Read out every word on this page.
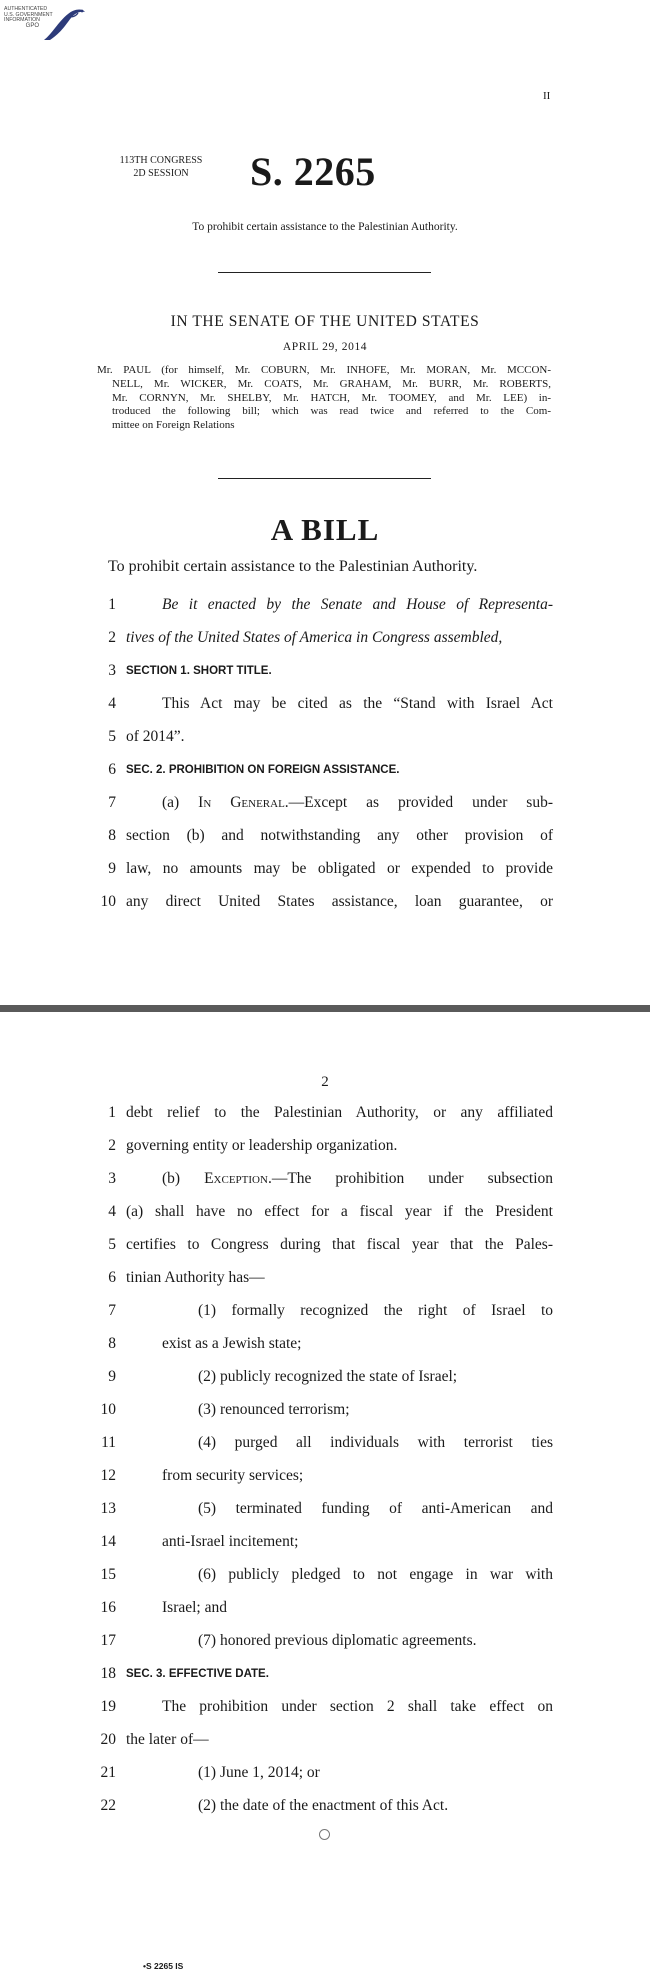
AUTHENTICATED
U.S. GOVERNMENT
INFORMATION
GPO
II
113TH CONGRESS
2D SESSION	S. 2265
To prohibit certain assistance to the Palestinian Authority.
IN THE SENATE OF THE UNITED STATES
APRIL 29, 2014
Mr. PAUL (for himself, Mr. COBURN, Mr. INHOFE, Mr. MORAN, Mr. MCCON-
NELL, Mr. WICKER, Mr. COATS, Mr. GRAHAM, Mr. BURR, Mr. ROBERTS,
Mr. CORNYN, Mr. SHELBY, Mr. HATCH, Mr. TOOMEY, and Mr. LEE) in-
troduced the following bill; which was read twice and referred to the Com-
mittee on Foreign Relations
A BILL
To prohibit certain assistance to the Palestinian Authority.
1	Be it enacted by the Senate and House of Representa-
2 tives of the United States of America in Congress assembled,
3 SECTION 1. SHORT TITLE.
4	This Act may be cited as the “Stand with Israel Act
5 of 2014”.
6 SEC. 2. PROHIBITION ON FOREIGN ASSISTANCE.
7	(a) In General.—Except as provided under sub-
8 section (b) and notwithstanding any other provision of
9 law, no amounts may be obligated or expended to provide
10 any direct United States assistance, loan guarantee, or
2
1 debt relief to the Palestinian Authority, or any affiliated
2 governing entity or leadership organization.
3	(b) Exception.—The prohibition under subsection
4 (a) shall have no effect for a fiscal year if the President
5 certifies to Congress during that fiscal year that the Pales-
6 tinian Authority has—
7	(1) formally recognized the right of Israel to
8	exist as a Jewish state;
9	(2) publicly recognized the state of Israel;
10	(3) renounced terrorism;
11	(4) purged all individuals with terrorist ties
12	from security services;
13	(5) terminated funding of anti-American and
14	anti-Israel incitement;
15	(6) publicly pledged to not engage in war with
16	Israel; and
17	(7) honored previous diplomatic agreements.
18 SEC. 3. EFFECTIVE DATE.
19	The prohibition under section 2 shall take effect on
20 the later of—
21	(1) June 1, 2014; or
22	(2) the date of the enactment of this Act.
•S 2265 IS
